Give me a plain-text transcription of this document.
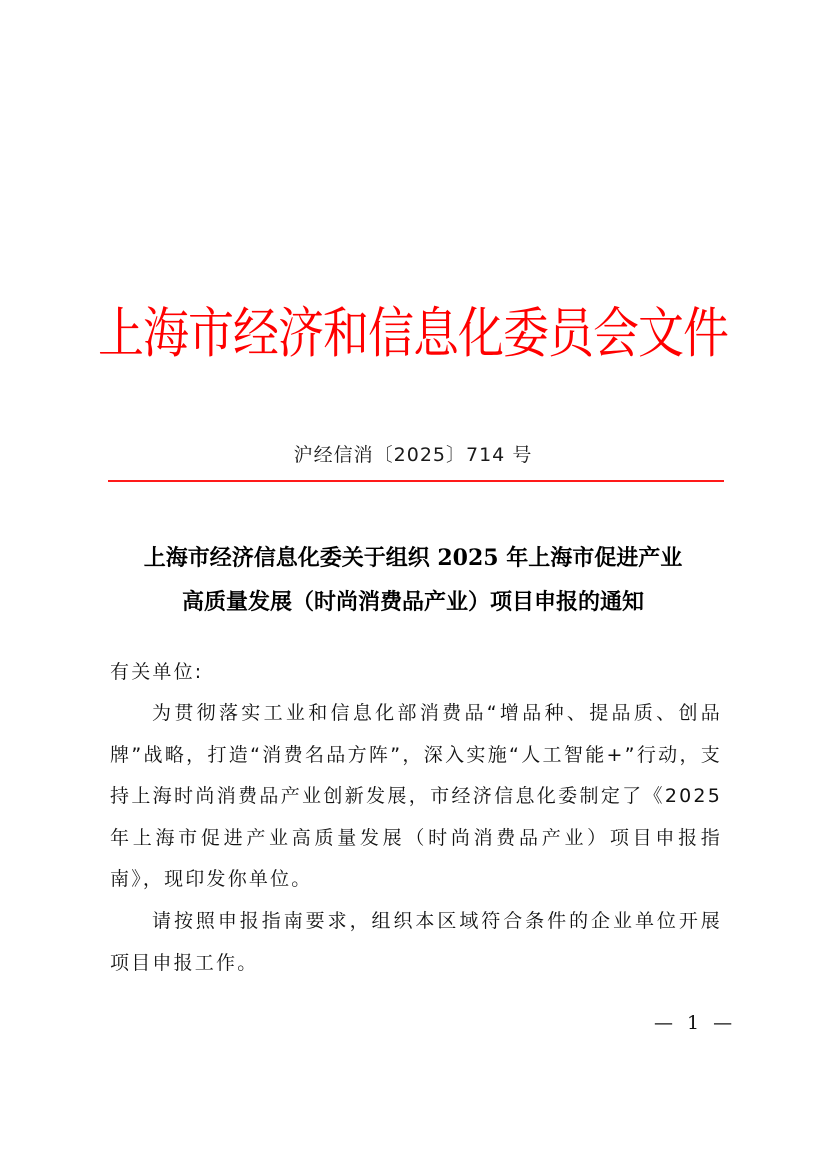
上海市经济和信息化委员会文件
沪经信消〔2025〕714 号
上海市经济信息化委关于组织 2025 年上海市促进产业
高质量发展（时尚消费品产业）项目申报的通知
有关单位:

为贯彻落实工业和信息化部消费品“增品种、提品质、创品牌”战略，打造“消费名品方阵”，深入实施“人工智能+”行动，支持上海时尚消费品产业创新发展，市经济信息化委制定了《2025 年上海市促进产业高质量发展（时尚消费品产业）项目申报指南》，现印发你单位。

请按照申报指南要求，组织本区域符合条件的企业单位开展项目申报工作。

— 1 —
